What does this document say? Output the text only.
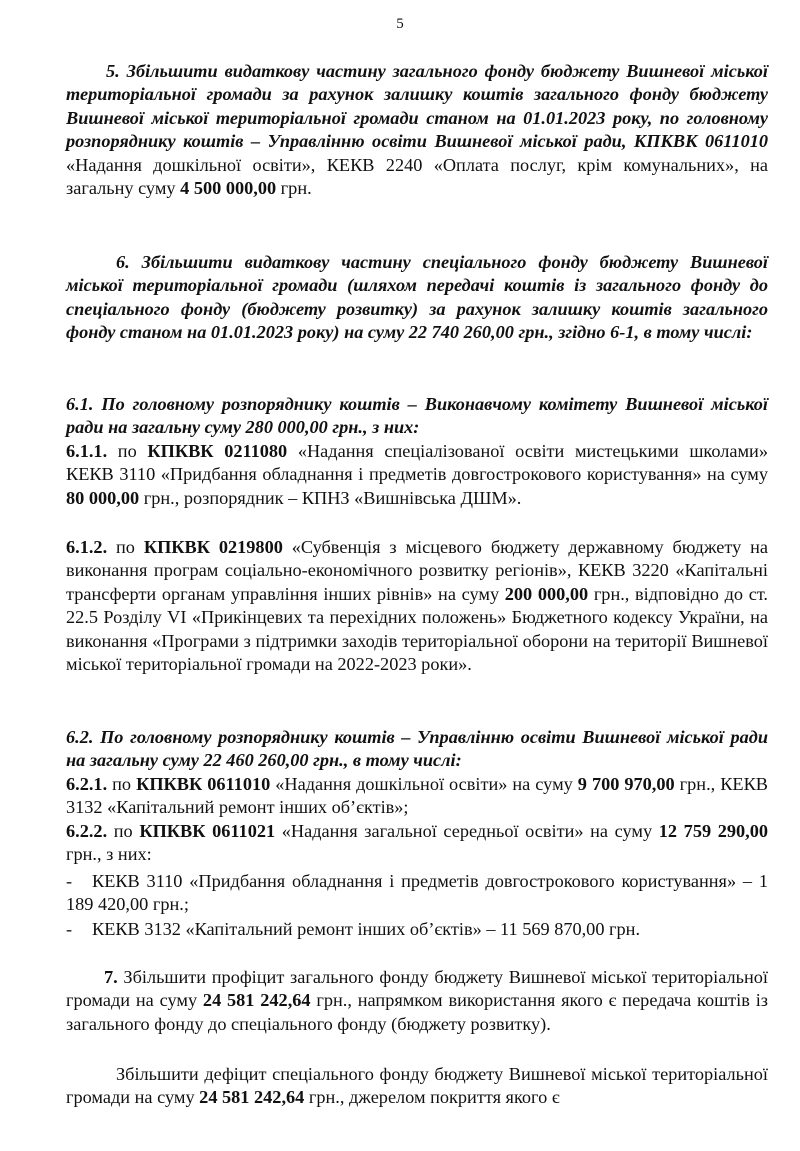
5

5. Збільшити видаткову частину загального фонду бюджету Вишневої міської територіальної громади за рахунок залишку коштів загального фонду бюджету Вишневої міської територіальної громади станом на 01.01.2023 року, по головному розпоряднику коштів – Управлінню освіти Вишневої міської ради, КПКВК 0611010 «Надання дошкільної освіти», КЕКВ 2240 «Оплата послуг, крім комунальних», на загальну суму 4 500 000,00 грн.

6. Збільшити видаткову частину спеціального фонду бюджету Вишневої міської територіальної громади (шляхом передачі коштів із загального фонду до спеціального фонду (бюджету розвитку) за рахунок залишку коштів загального фонду станом на 01.01.2023 року) на суму 22 740 260,00 грн., згідно 6-1, в тому числі:

6.1. По головному розпоряднику коштів – Виконавчому комітету Вишневої міської ради на загальну суму 280 000,00 грн., з них:

6.1.1. по КПКВК 0211080 «Надання спеціалізованої освіти мистецькими школами» КЕКВ 3110 «Придбання обладнання і предметів довгострокового користування» на суму 80 000,00 грн., розпорядник – КПНЗ «Вишнівська ДШМ».

6.1.2. по КПКВК 0219800 «Субвенція з місцевого бюджету державному бюджету на виконання програм соціально-економічного розвитку регіонів», КЕКВ 3220 «Капітальні трансферти органам управління інших рівнів» на суму 200 000,00 грн., відповідно до ст. 22.5 Розділу VI «Прикінцевих та перехідних положень» Бюджетного кодексу України, на виконання «Програми з підтримки заходів територіальної оборони на території Вишневої міської територіальної громади на 2022-2023 роки».

6.2. По головному розпоряднику коштів – Управлінню освіти Вишневої міської ради на загальну суму 22 460 260,00 грн., в тому числі:

6.2.1. по КПКВК 0611010 «Надання дошкільної освіти» на суму 9 700 970,00 грн., КЕКВ 3132 «Капітальний ремонт інших об’єктів»;

6.2.2. по КПКВК 0611021 «Надання загальної середньої освіти» на суму 12 759 290,00 грн., з них:

- КЕКВ 3110 «Придбання обладнання і предметів довгострокового користування» – 1 189 420,00 грн.;

- КЕКВ 3132 «Капітальний ремонт інших об’єктів» – 11 569 870,00 грн.

7. Збільшити профіцит загального фонду бюджету Вишневої міської територіальної громади на суму 24 581 242,64 грн., напрямком використання якого є передача коштів із загального фонду до спеціального фонду (бюджету розвитку).

Збільшити дефіцит спеціального фонду бюджету Вишневої міської територіальної громади на суму 24 581 242,64 грн., джерелом покриття якого є
